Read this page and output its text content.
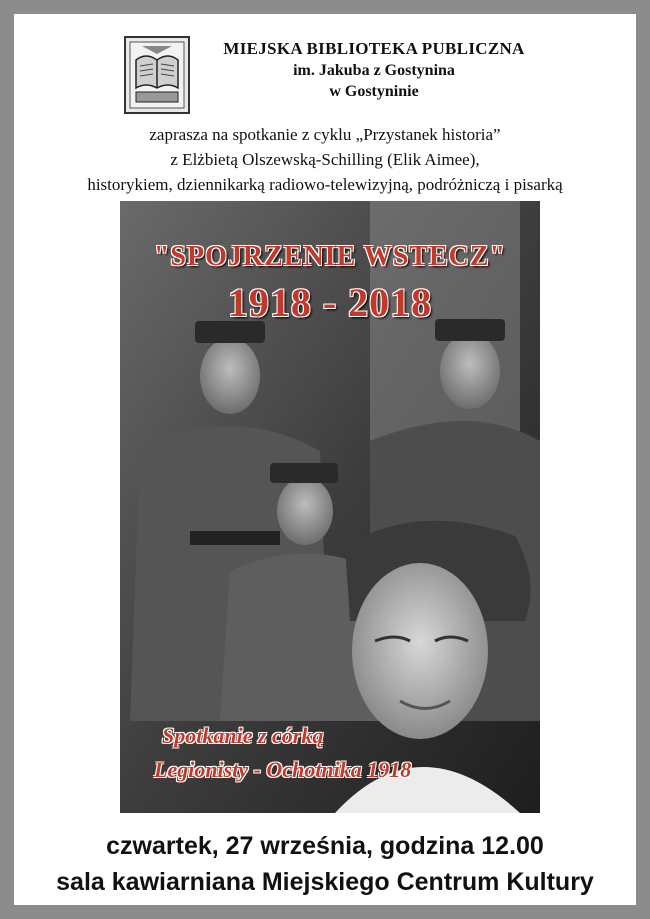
MIEJSKA BIBLIOTEKA PUBLICZNA
im. Jakuba z Gostynina
w Gostyninie
zaprasza na spotkanie z cyklu „Przystanek historia”
z Elżbietą Olszewską-Schilling (Elik Aimee),
historykiem, dziennikarką radiowo-telewizyjną, podróżniczą i pisarką
"SPOJRZENIE WSTECZ"
1918 - 2018
Spotkanie z córką
Legionisty - Ochotnika 1918
czwartek, 27 września, godzina 12.00
sala kawiarniana Miejskiego Centrum Kultury
